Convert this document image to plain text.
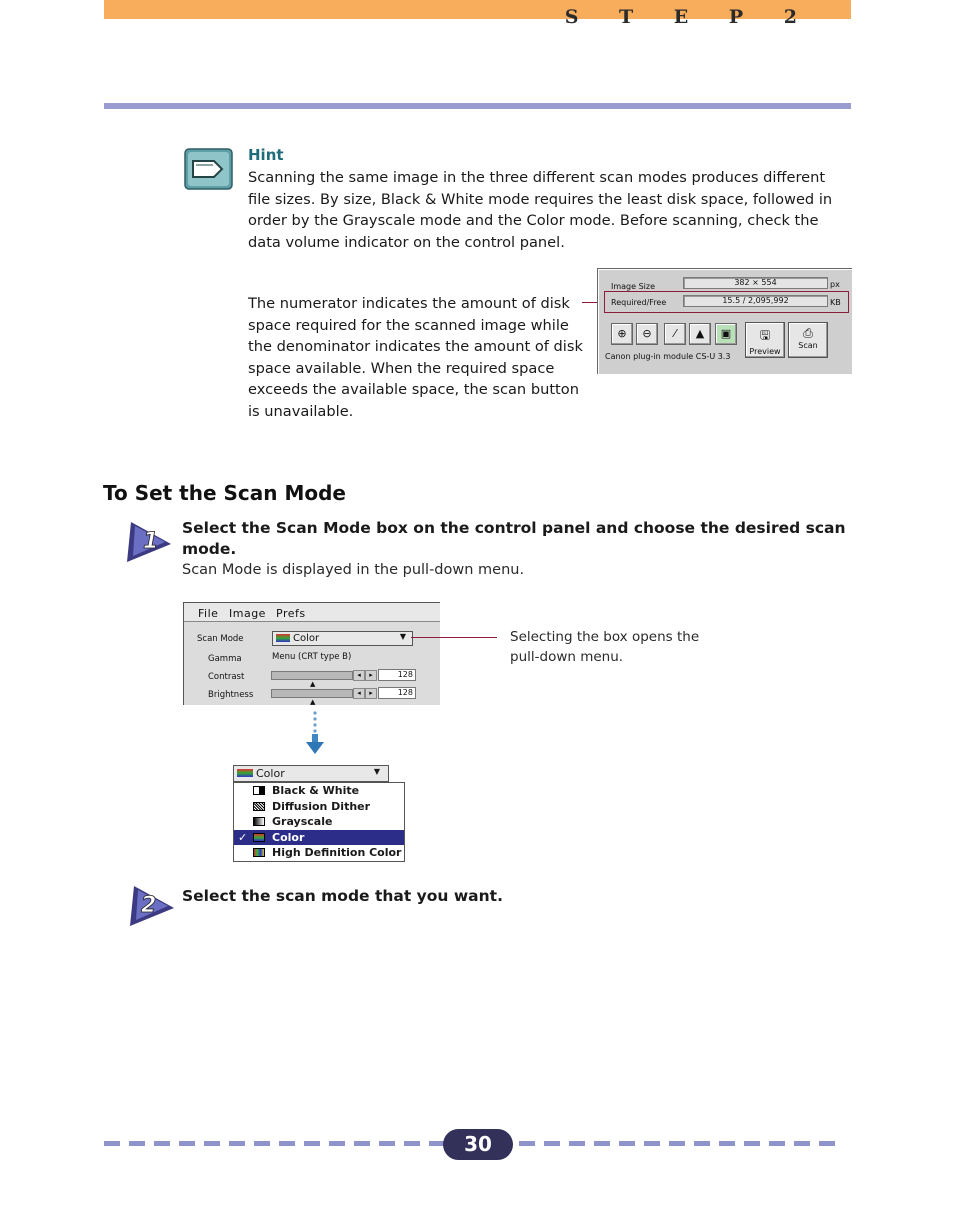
S T E P 2
Hint
Scanning the same image in the three different scan modes produces different file sizes. By size, Black & White mode requires the least disk space, followed in order by the Grayscale mode and the Color mode. Before scanning, check the data volume indicator on the control panel.
The numerator indicates the amount of disk space required for the scanned image while the denominator indicates the amount of disk space available. When the required space exceeds the available space, the scan button is unavailable.
Image Size	382 × 554	px
Required/Free	15.5 / 2,095,992	KB
⊕	⊖	⁄	▲	▣	🖫
Preview
⎙
Scan
Canon plug-in module CS-U 3.3
To Set the Scan Mode
1
Select the Scan Mode box on the control panel and choose the desired scan mode.
Scan Mode is displayed in the pull-down menu.
File Image Prefs
Scan Mode	Color	▼
Gamma	Menu (CRT type B)
Contrast	◂	▸	128
▲
Brightness	◂	▸	128
▲
Selecting the box opens the pull-down menu.
Color	▼
Black & White
Diffusion Dither
Grayscale
✓ Color
High Definition Color
2 Select the scan mode that you want.
30
